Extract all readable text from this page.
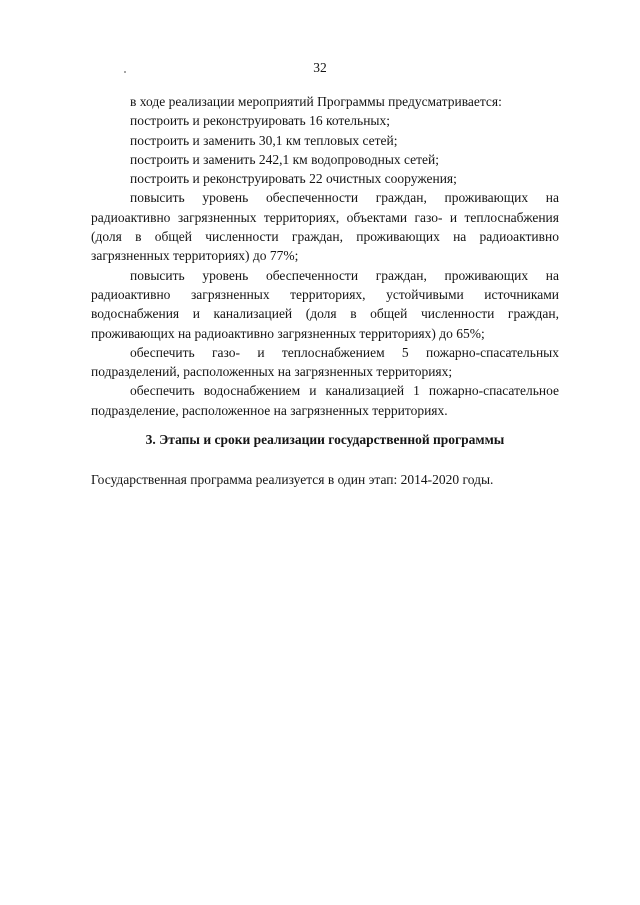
32

в ходе реализации мероприятий Программы предусматривается:

построить и реконструировать 16 котельных;

построить и заменить 30,1 км тепловых сетей;

построить и заменить 242,1 км водопроводных сетей;

построить и реконструировать 22 очистных сооружения;

повысить уровень обеспеченности граждан, проживающих на радиоактивно загрязненных территориях, объектами газо- и теплоснабжения (доля в общей численности граждан, проживающих на радиоактивно загрязненных территориях) до 77%;

повысить уровень обеспеченности граждан, проживающих на радиоактивно загрязненных территориях, устойчивыми источниками водоснабжения и канализацией (доля в общей численности граждан, проживающих на радиоактивно загрязненных территориях) до 65%;

обеспечить газо- и теплоснабжением 5 пожарно-спасательных подразделений, расположенных на загрязненных территориях;

обеспечить водоснабжением и канализацией 1 пожарно-спасательное подразделение, расположенное на загрязненных территориях.

3. Этапы и сроки реализации государственной программы

Государственная программа реализуется в один этап: 2014-2020 годы.
